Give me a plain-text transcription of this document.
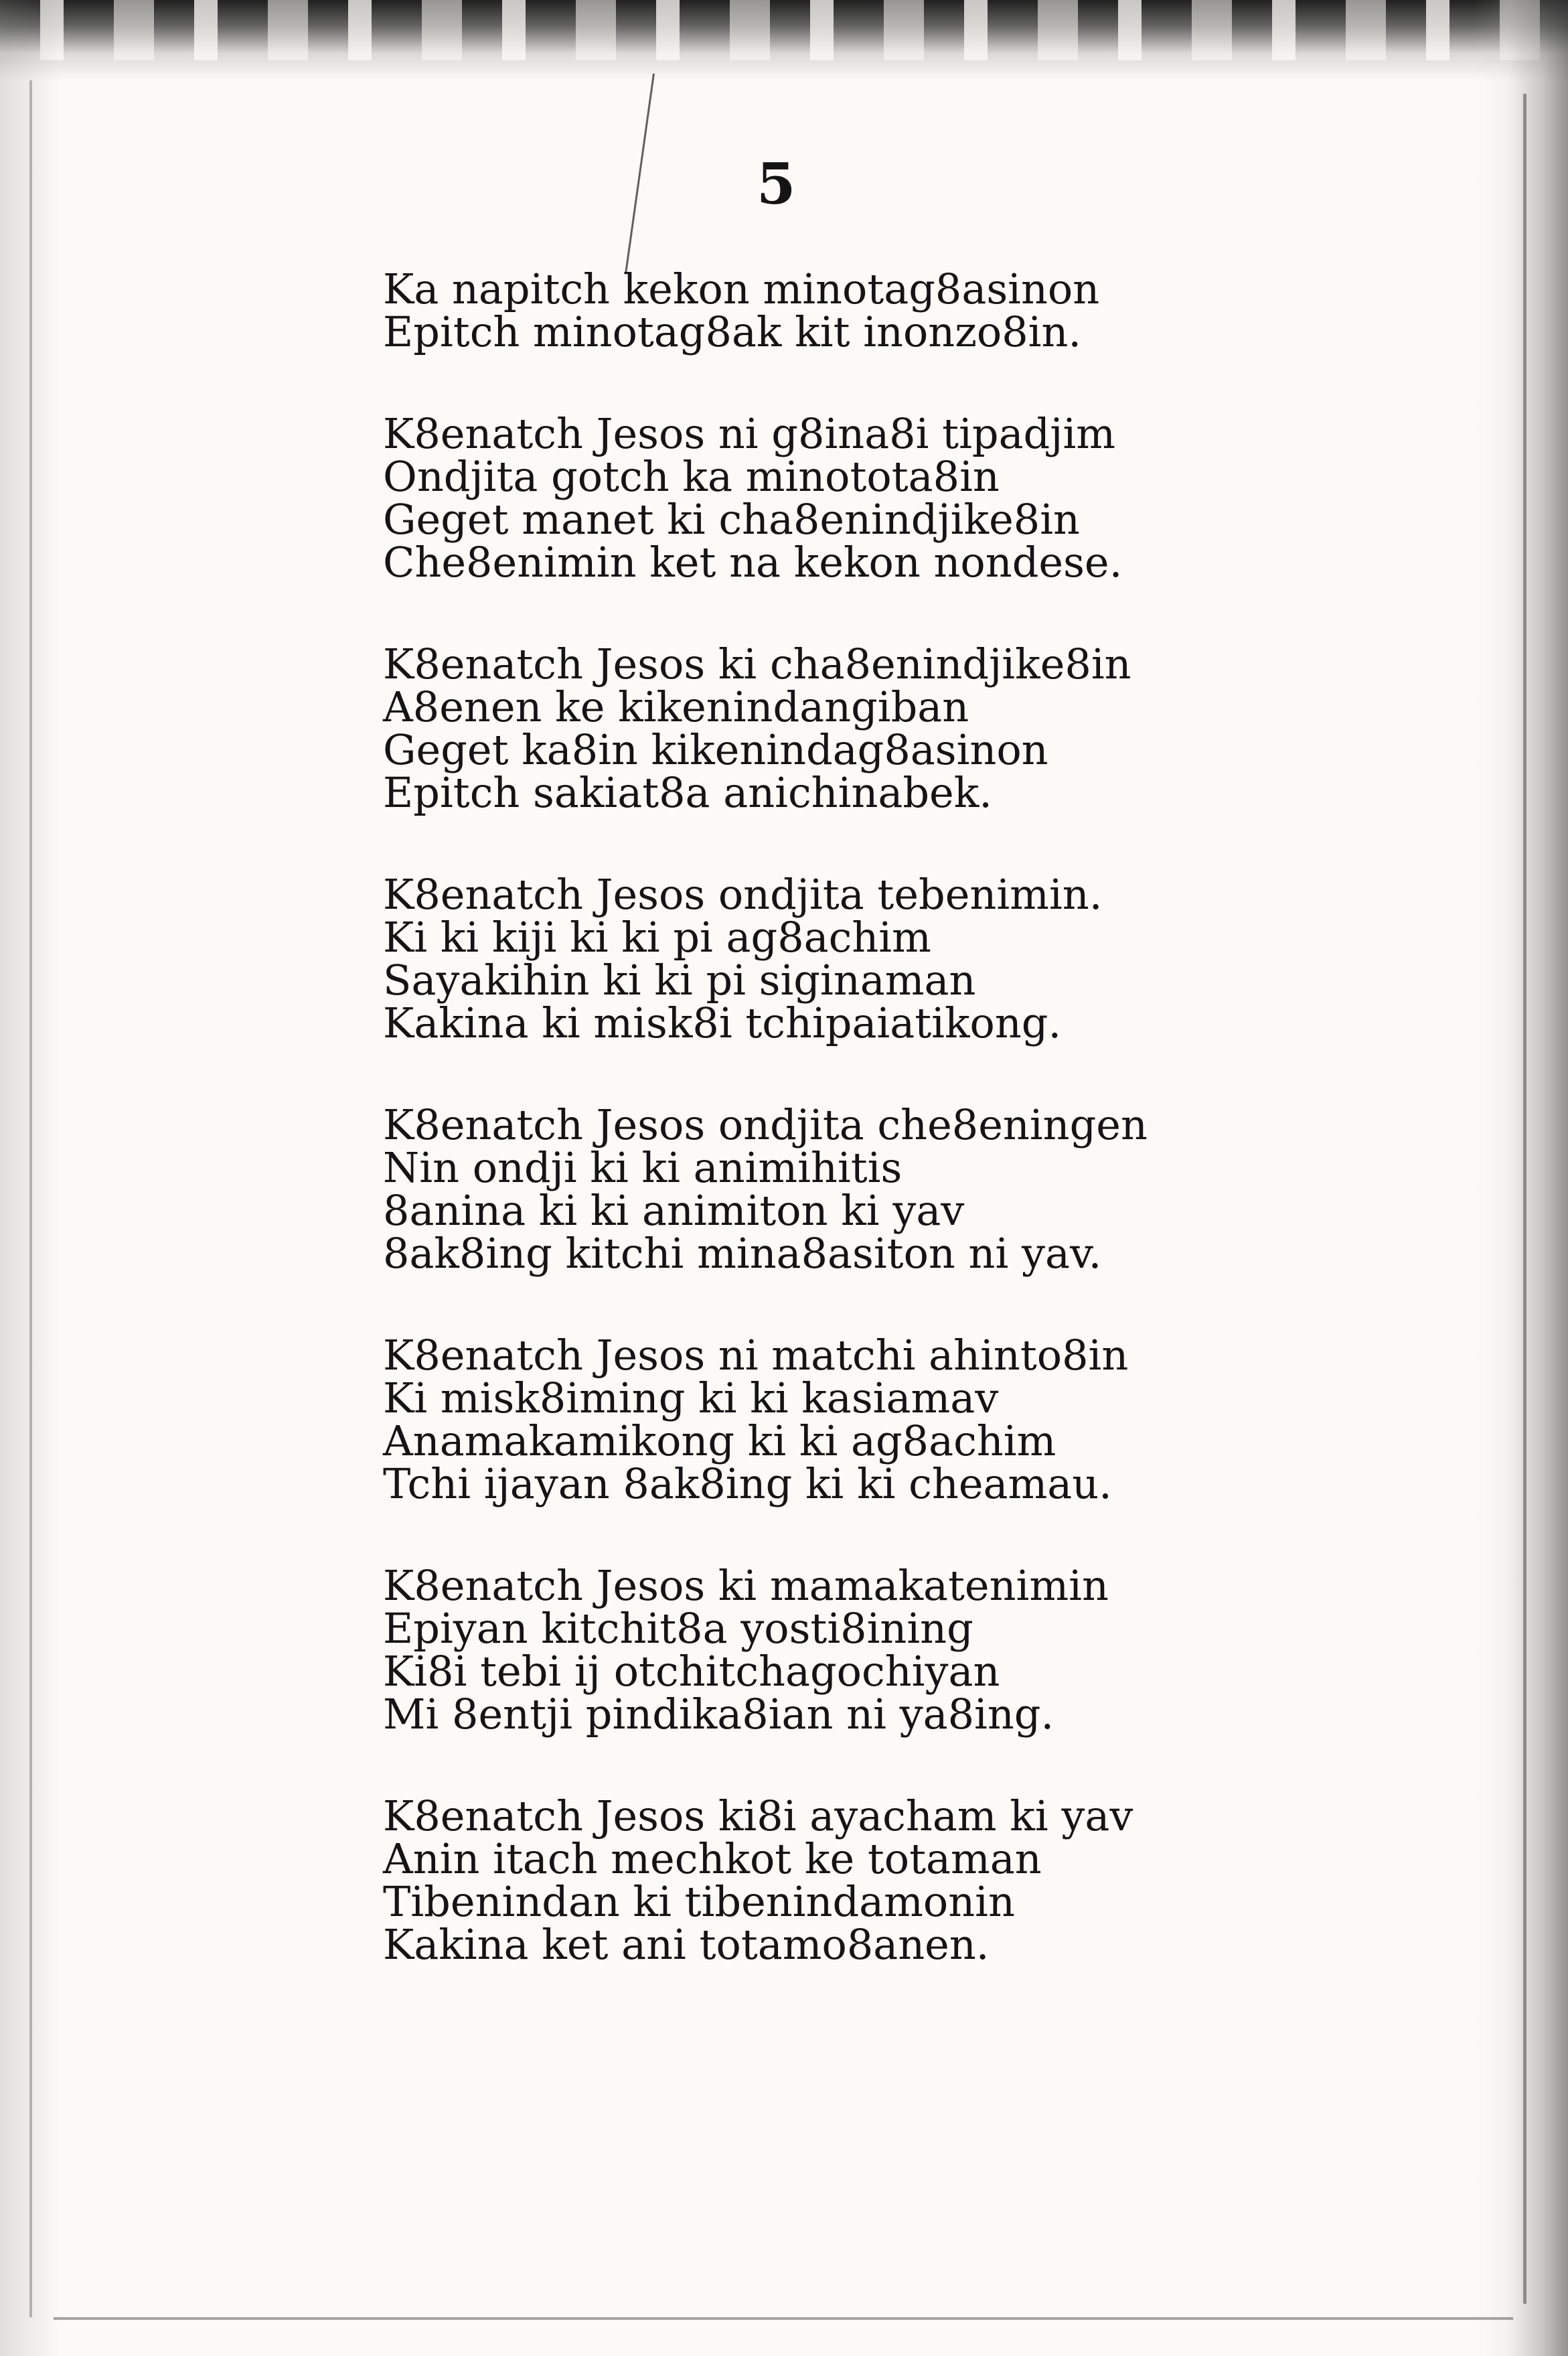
5
Ka napitch kekon minotag8asinon
Epitch minotag8ak kit inonzo8in.
K8enatch Jesos ni g8ina8i tipadjim
Ondjita gotch ka minotota8in
Geget manet ki cha8enindjike8in
Che8enimin ket na kekon nondese.
K8enatch Jesos ki cha8enindjike8in
A8enen ke kikenindangiban
Geget ka8in kikenindag8asinon
Epitch sakiat8a anichinabek.
K8enatch Jesos ondjita tebenimin.
Ki ki kiji ki ki pi ag8achim
Sayakihin ki ki pi siginaman
Kakina ki misk8i tchipaiatikong.
K8enatch Jesos ondjita che8eningen
Nin ondji ki ki animihitis
8anina ki ki animiton ki yav
8ak8ing kitchi mina8asiton ni yav.
K8enatch Jesos ni matchi ahinto8in
Ki misk8iming ki ki kasiamav
Anamakamikong ki ki ag8achim
Tchi ijayan 8ak8ing ki ki cheamau.
K8enatch Jesos ki mamakatenimin
Epiyan kitchit8a yosti8ining
Ki8i tebi ij otchitchagochiyan
Mi 8entji pindika8ian ni ya8ing.
K8enatch Jesos ki8i ayacham ki yav
Anin itach mechkot ke totaman
Tibenindan ki tibenindamonin
Kakina ket ani totamo8anen.
